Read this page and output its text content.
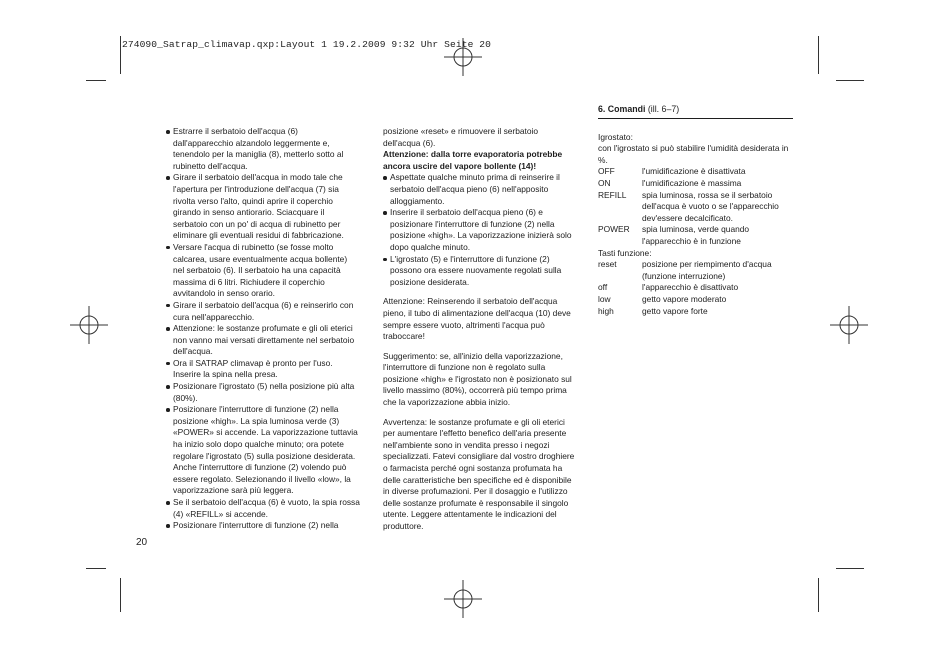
274090_Satrap_climavap.qxp:Layout 1 19.2.2009 9:32 Uhr Seite 20
Estrarre il serbatoio dell'acqua (6) dall'apparecchio alzandolo leggermente e, tenendolo per la maniglia (8), metterlo sotto al rubinetto dell'acqua.
Girare il serbatoio dell'acqua in modo tale che l'apertura per l'introduzione dell'acqua (7) sia rivolta verso l'alto, quindi aprire il coperchio girando in senso antiorario. Sciacquare il serbatoio con un po' di acqua di rubinetto per eliminare gli eventuali residui di fabbricazione.
Versare l'acqua di rubinetto (se fosse molto calcarea, usare eventualmente acqua bollente) nel serbatoio (6). Il serbatoio ha una capacità massima di 6 litri. Richiudere il coperchio avvitandolo in senso orario.
Girare il serbatoio dell'acqua (6) e reinserirlo con cura nell'apparecchio.
Attenzione: le sostanze profumate e gli oli eterici non vanno mai versati direttamente nel serbatoio dell'acqua.
Ora il SATRAP climavap è pronto per l'uso. Inserire la spina nella presa.
Posizionare l'igrostato (5) nella posizione più alta (80%).
Posizionare l'interruttore di funzione (2) nella posizione «high». La spia luminosa verde (3) «POWER» si accende. La vaporizzazione tuttavia ha inizio solo dopo qualche minuto; ora potete regolare l'igrostato (5) sulla posizione desiderata. Anche l'interruttore di funzione (2) volendo può essere regolato. Selezionando il livello «low», la vaporizzazione sarà più leggera.
Se il serbatoio dell'acqua (6) è vuoto, la spia rossa (4) «REFILL» si accende.
Posizionare l'interruttore di funzione (2) nella
20

posizione «reset» e rimuovere il serbatoio dell'acqua (6).

Attenzione: dalla torre evaporatoria potrebbe ancora uscire del vapore bollente (14)!

Aspettate qualche minuto prima di reinserire il serbatoio dell'acqua pieno (6) nell'apposito alloggiamento.
Inserire il serbatoio dell'acqua pieno (6) e posizionare l'interruttore di funzione (2) nella posizione «high». La vaporizzazione inizierà solo dopo qualche minuto.
L'igrostato (5) e l'interruttore di funzione (2) possono ora essere nuovamente regolati sulla posizione desiderata.

Attenzione: Reinserendo il serbatoio dell'acqua pieno, il tubo di alimentazione dell'acqua (10) deve sempre essere vuoto, altrimenti l'acqua può traboccare!

Suggerimento: se, all'inizio della vaporizzazione, l'interruttore di funzione non è regolato sulla posizione «high» e l'igrostato non è posizionato sul livello massimo (80%), occorrerà più tempo prima che la vaporizzazione abbia inizio.

Avvertenza: le sostanze profumate e gli oli eterici per aumentare l'effetto benefico dell'aria presente nell'ambiente sono in vendita presso i negozi specializzati. Fatevi consigliare dal vostro droghiere o farmacista perché ogni sostanza profumata ha delle caratteristiche ben specifiche ed è disponibile in diverse profumazioni. Per il dosaggio e l'utilizzo delle sostanze profumate è responsabile il singolo utente. Leggere attentamente le indicazioni del produttore.

6. Comandi (ill. 6–7)

Igrostato:

con l'igrostato si può stabilire l'umidità desiderata in %.

OFF	l'umidificazione è disattivata
ON	l'umidificazione è massima
REFILL	spia luminosa, rossa se il serbatoio dell'acqua è vuoto o se l'apparecchio dev'essere decalcificato.
POWER	spia luminosa, verde quando l'apparecchio è in funzione

Tasti funzione:

reset	posizione per riempimento d'acqua (funzione interruzione)
off	l'apparecchio è disattivato
low	getto vapore moderato
high	getto vapore forte
